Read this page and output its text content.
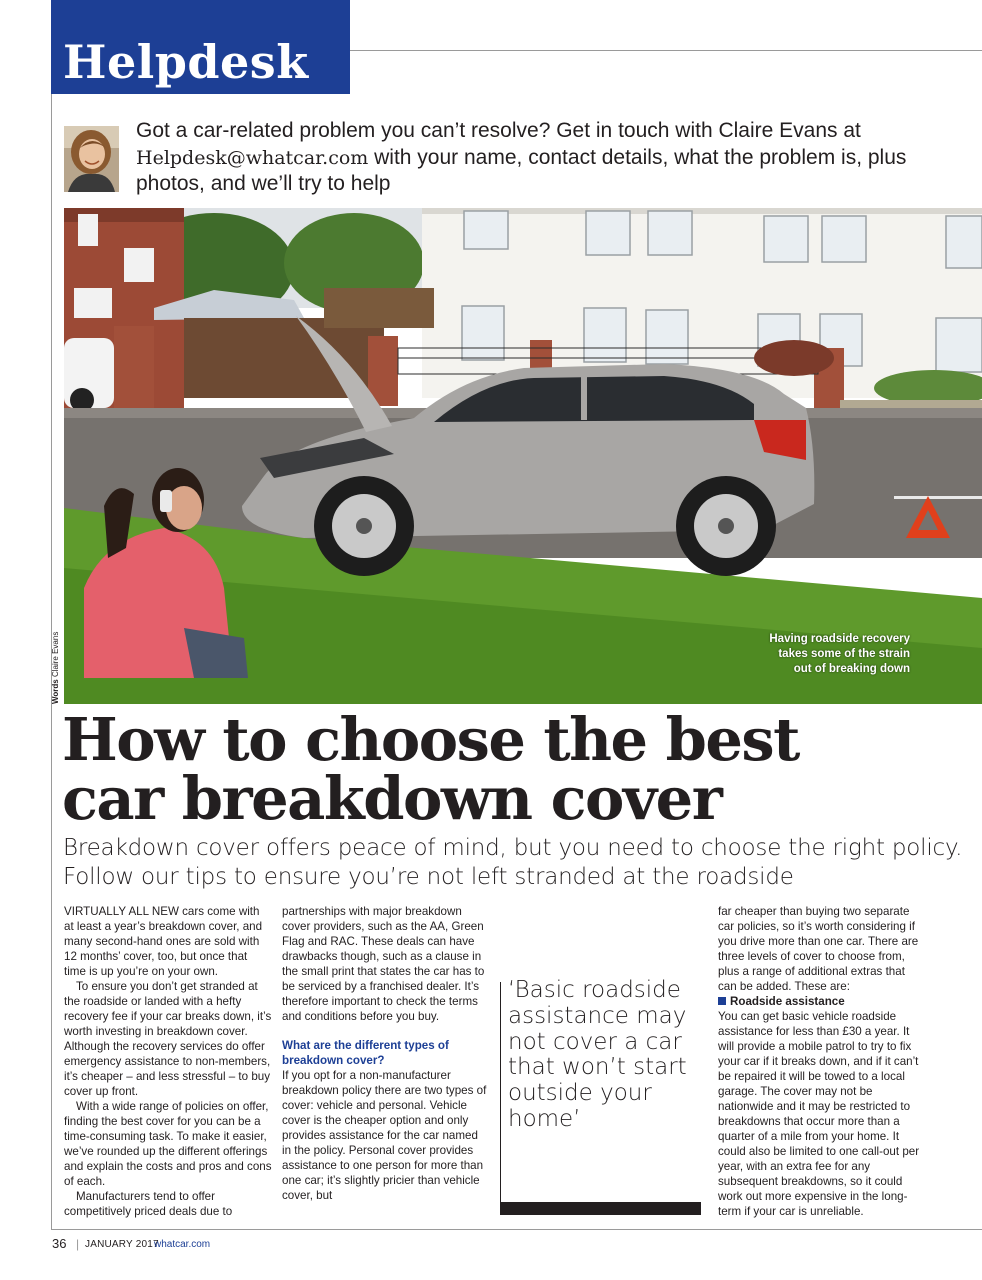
Helpdesk

Got a car-related problem you can’t resolve? Get in touch with Claire Evans at Helpdesk@whatcar.com with your name, contact details, what the problem is, plus photos, and we’ll try to help

Having roadside recovery takes some of the strain out of breaking down

Words Claire Evans
How to choose the best
car breakdown cover

Breakdown cover offers peace of mind, but you need to choose the right policy. Follow our tips to ensure you’re not left stranded at the roadside

VIRTUALLY ALL NEW cars come with at least a year’s breakdown cover, and many second-hand ones are sold with 12 months’ cover, too, but once that time is up you’re on your own.

To ensure you don’t get stranded at the roadside or landed with a hefty recovery fee if your car breaks down, it’s worth investing in breakdown cover. Although the recovery services do offer emergency assistance to non-members, it’s cheaper – and less stressful – to buy cover up front.

With a wide range of policies on offer, finding the best cover for you can be a time-consuming task. To make it easier, we’ve rounded up the different offerings and explain the costs and pros and cons of each.

Manufacturers tend to offer competitively priced deals due to

partnerships with major breakdown cover providers, such as the AA, Green Flag and RAC. These deals can have drawbacks though, such as a clause in the small print that states the car has to be serviced by a franchised dealer. It’s therefore important to check the terms and conditions before you buy.

What are the different types of breakdown cover?

If you opt for a non-manufacturer breakdown policy there are two types of cover: vehicle and personal. Vehicle cover is the cheaper option and only provides assistance for the car named in the policy. Personal cover provides assistance to one person for more than one car; it’s slightly pricier than vehicle cover, but

‘Basic roadside assistance may not cover a car that won’t start outside your home’

far cheaper than buying two separate car policies, so it’s worth considering if you drive more than one car. There are three levels of cover to choose from, plus a range of additional extras that can be added. These are:

Roadside assistance

You can get basic vehicle roadside assistance for less than £30 a year. It will provide a mobile patrol to try to fix your car if it breaks down, and if it can’t be repaired it will be towed to a local garage. The cover may not be nationwide and it may be restricted to breakdowns that occur more than a quarter of a mile from your home. It could also be limited to one call-out per year, with an extra fee for any subsequent breakdowns, so it could work out more expensive in the long-term if your car is unreliable.

36 | JANUARY 2017
whatcar.com
